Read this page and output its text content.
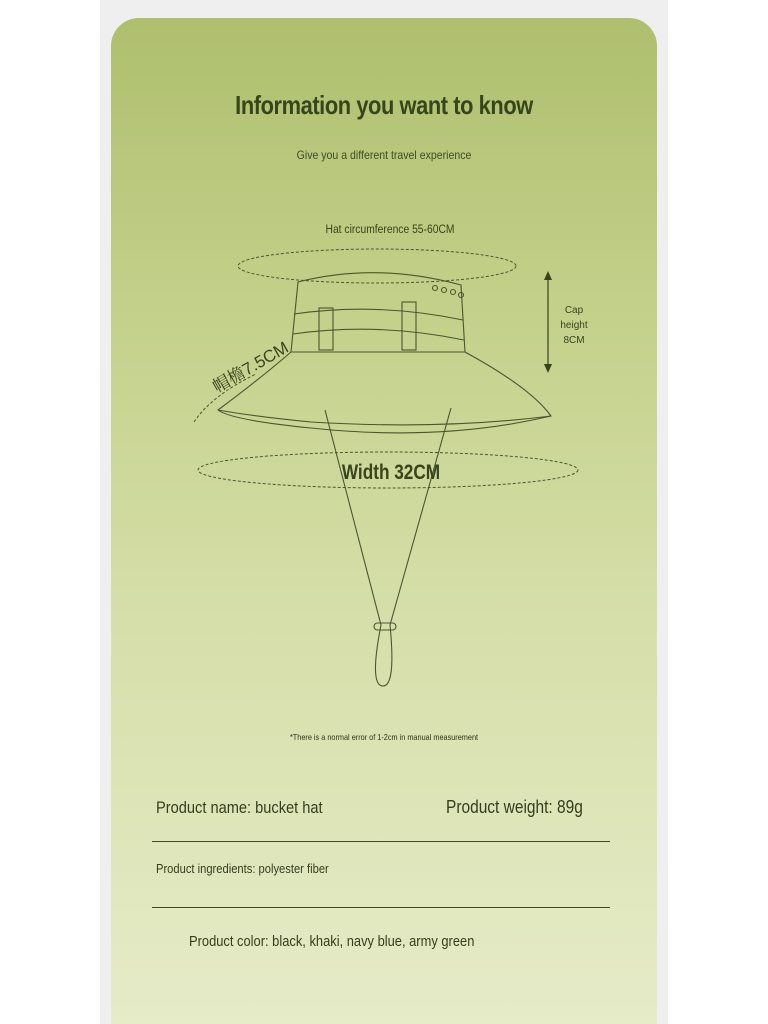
Information you want to know
Give you a different travel experience
Hat circumference 55-60CM
Cap
height
8CM
帽檐7.5CM
Width 32CM
*There is a normal error of 1-2cm in manual measurement
Product name: bucket hat	Product weight: 89g
Product ingredients: polyester fiber
Product color: black, khaki, navy blue, army green
